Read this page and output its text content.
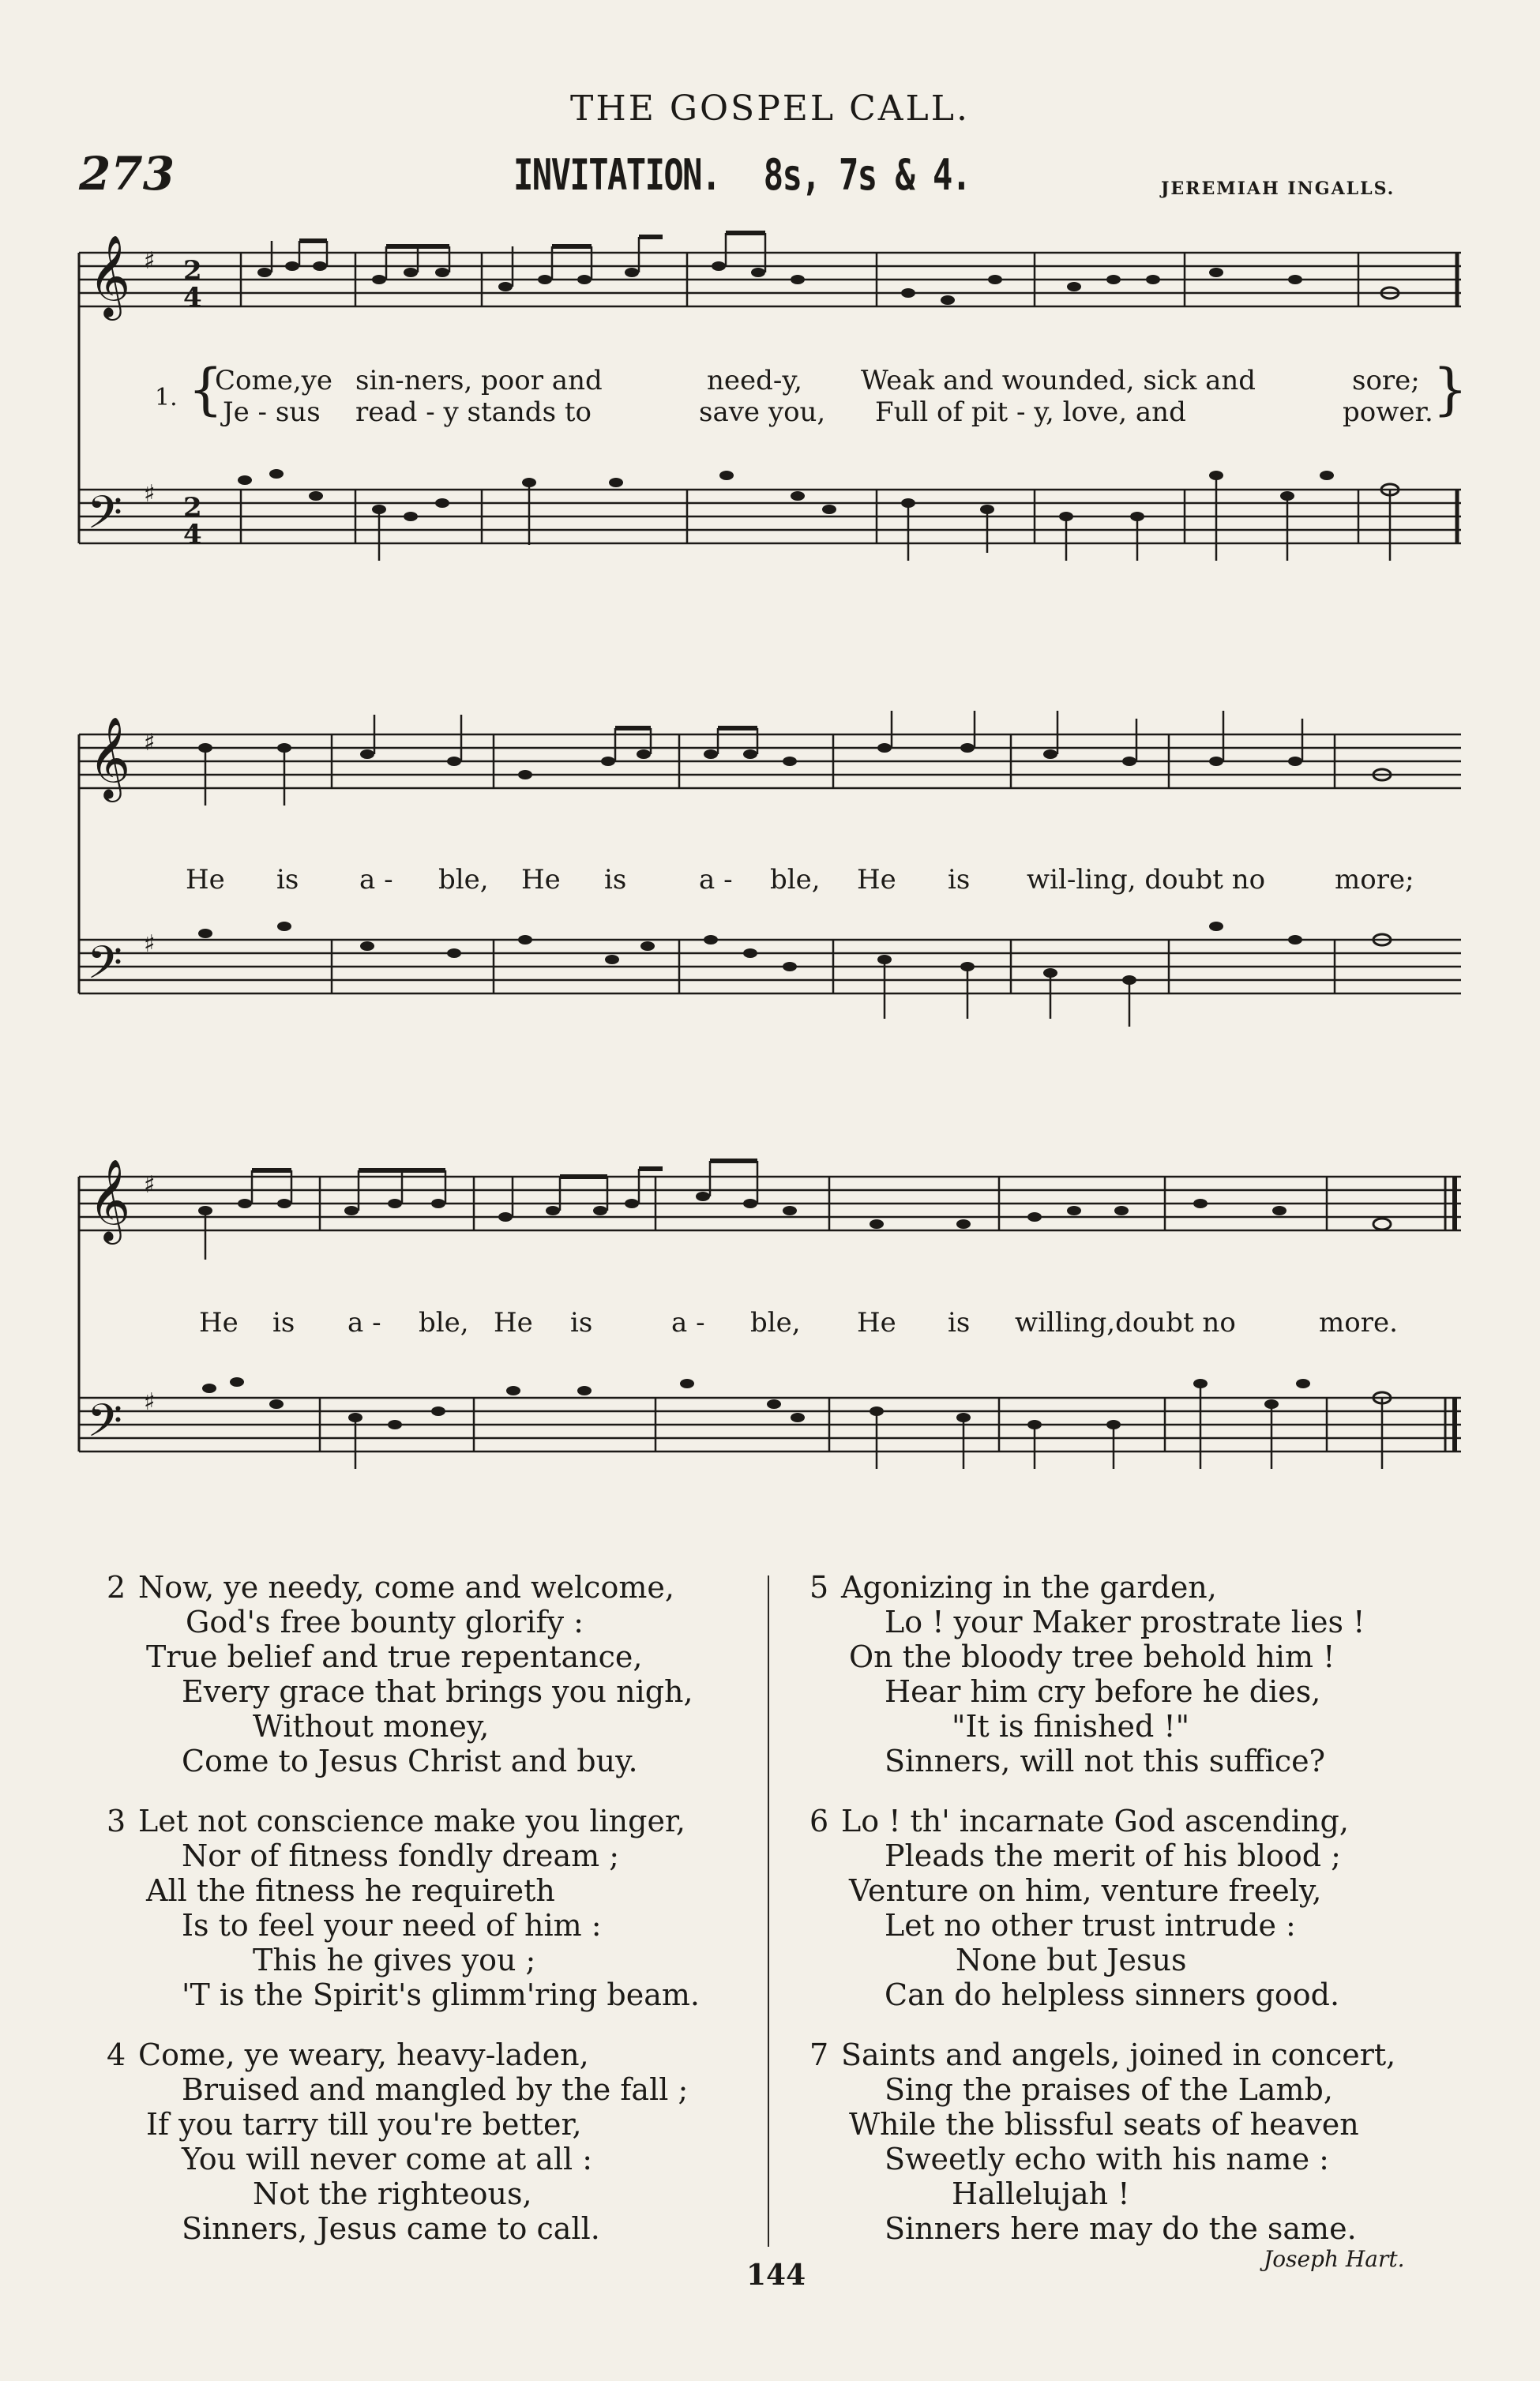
THE GOSPEL CALL.
273	INVITATION. 8s, 7s & 4.	JEREMIAH INGALLS.
𝄞
𝄢
♯
♯
2
4
2
4
1. {	}
Come,ye sin-ners, poor and	need-y, Weak and wounded, sick and	sore;
Je - sus read - y stands to	save you, Full of pit - y, love, and	power.
𝄞
𝄢
♯
♯
He is a - ble, He is	a - ble, He is wil-ling, doubt no	more;
𝄞
𝄢
♯
♯
He is a - ble, He is	a - ble, He is willing,doubt no	more.
2 Now, ye needy, come and welcome,
God's free bounty glorify :
True belief and true repentance,
Every grace that brings you nigh,
Without money,
Come to Jesus Christ and buy.
3 Let not conscience make you linger,
Nor of fitness fondly dream ;
All the fitness he requireth
Is to feel your need of him :
This he gives you ;
'T is the Spirit's glimm'ring beam.
4 Come, ye weary, heavy-laden,
Bruised and mangled by the fall ;
If you tarry till you're better,
You will never come at all :
Not the righteous,
Sinners, Jesus came to call.
5 Agonizing in the garden,
Lo ! your Maker prostrate lies !
On the bloody tree behold him !
Hear him cry before he dies,
"It is finished !"
Sinners, will not this suffice?
6 Lo ! th' incarnate God ascending,
Pleads the merit of his blood ;
Venture on him, venture freely,
Let no other trust intrude :
None but Jesus
Can do helpless sinners good.
7 Saints and angels, joined in concert,
Sing the praises of the Lamb,
While the blissful seats of heaven
Sweetly echo with his name :
Hallelujah !
Sinners here may do the same.
144	Joseph Hart.
